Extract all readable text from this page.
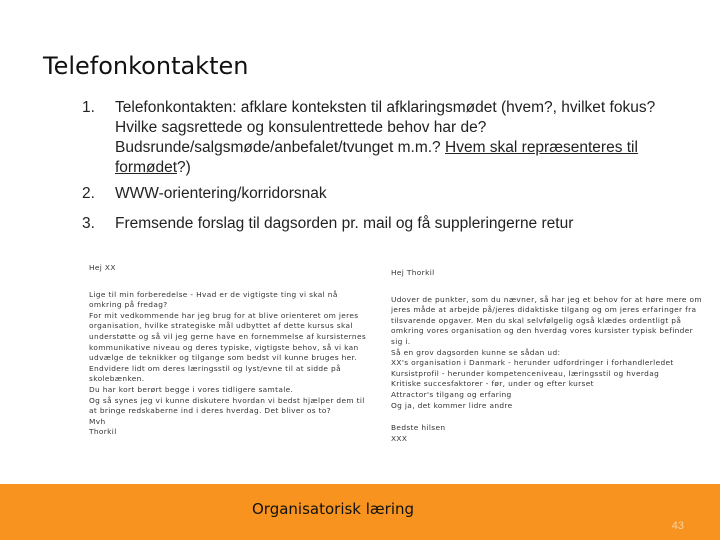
Telefonkontakten
1. Telefonkontakten: afklare konteksten til afklaringsmødet (hvem?, hvilket fokus? Hvilke sagsrettede og konsulentrettede behov har de? Budsrunde/salgsmøde/anbefalet/tvunget m.m.? Hvem skal repræsenteres til formødet?)
2. WWW-orientering/korridorsnak
3. Fremsende forslag til dagsorden pr. mail og få suppleringerne retur
Hej XX
Lige til min forberedelse - Hvad er de vigtigste ting vi skal nå omkring på fredag?
For mit vedkommende har jeg brug for at blive orienteret om jeres organisation, hvilke strategiske mål udbyttet af dette kursus skal understøtte og så vil jeg gerne have en fornemmelse af kursisternes kommunikative niveau og deres typiske, vigtigste behov, så vi kan udvælge de teknikker og tilgange som bedst vil kunne bruges her. Endvidere lidt om deres læringsstil og lyst/evne til at sidde på skolebænken.
Du har kort berørt begge i vores tidligere samtale.
Og så synes jeg vi kunne diskutere hvordan vi bedst hjælper dem til at bringe redskaberne ind i deres hverdag. Det bliver os to?
Mvh
Thorkil
Hej Thorkil
Udover de punkter, som du nævner, så har jeg et behov for at høre mere om jeres måde at arbejde på/jeres didaktiske tilgang og om jeres erfaringer fra tilsvarende opgaver. Men du skal selvfølgelig også klædes ordentligt på omkring vores organisation og den hverdag vores kursister typisk befinder sig i.
Så en grov dagsorden kunne se sådan ud:
XX's organisation i Danmark - herunder udfordringer i forhandlerledet
Kursistprofil - herunder kompetenceniveau, læringsstil og hverdag
Kritiske succesfaktorer - før, under og efter kurset
Attractor's tilgang og erfaring
Og ja, det kommer lidre andre
Bedste hilsen
XXX
Organisatorisk læring
43
